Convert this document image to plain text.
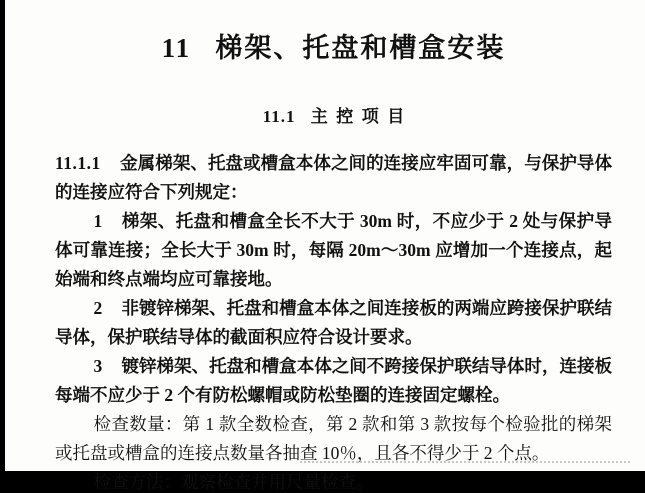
11 梯架、托盘和槽盒安装
11.1 主控项目

11.1.1 金属梯架、托盘或槽盒本体之间的连接应牢固可靠，与保护导体的连接应符合下列规定：

1 梯架、托盘和槽盒全长不大于 30m 时，不应少于 2 处与保护导体可靠连接；全长大于 30m 时，每隔 20m～30m 应增加一个连接点，起始端和终点端均应可靠接地。

2 非镀锌梯架、托盘和槽盒本体之间连接板的两端应跨接保护联结导体，保护联结导体的截面积应符合设计要求。

3 镀锌梯架、托盘和槽盒本体之间不跨接保护联结导体时，连接板每端不应少于 2 个有防松螺帽或防松垫圈的连接固定螺栓。

检查数量：第 1 款全数检查，第 2 款和第 3 款按每个检验批的梯架或托盘或槽盒的连接点数量各抽查 10％，且各不得少于 2 个点。

检查方法：观察检查并用尺量检查。
